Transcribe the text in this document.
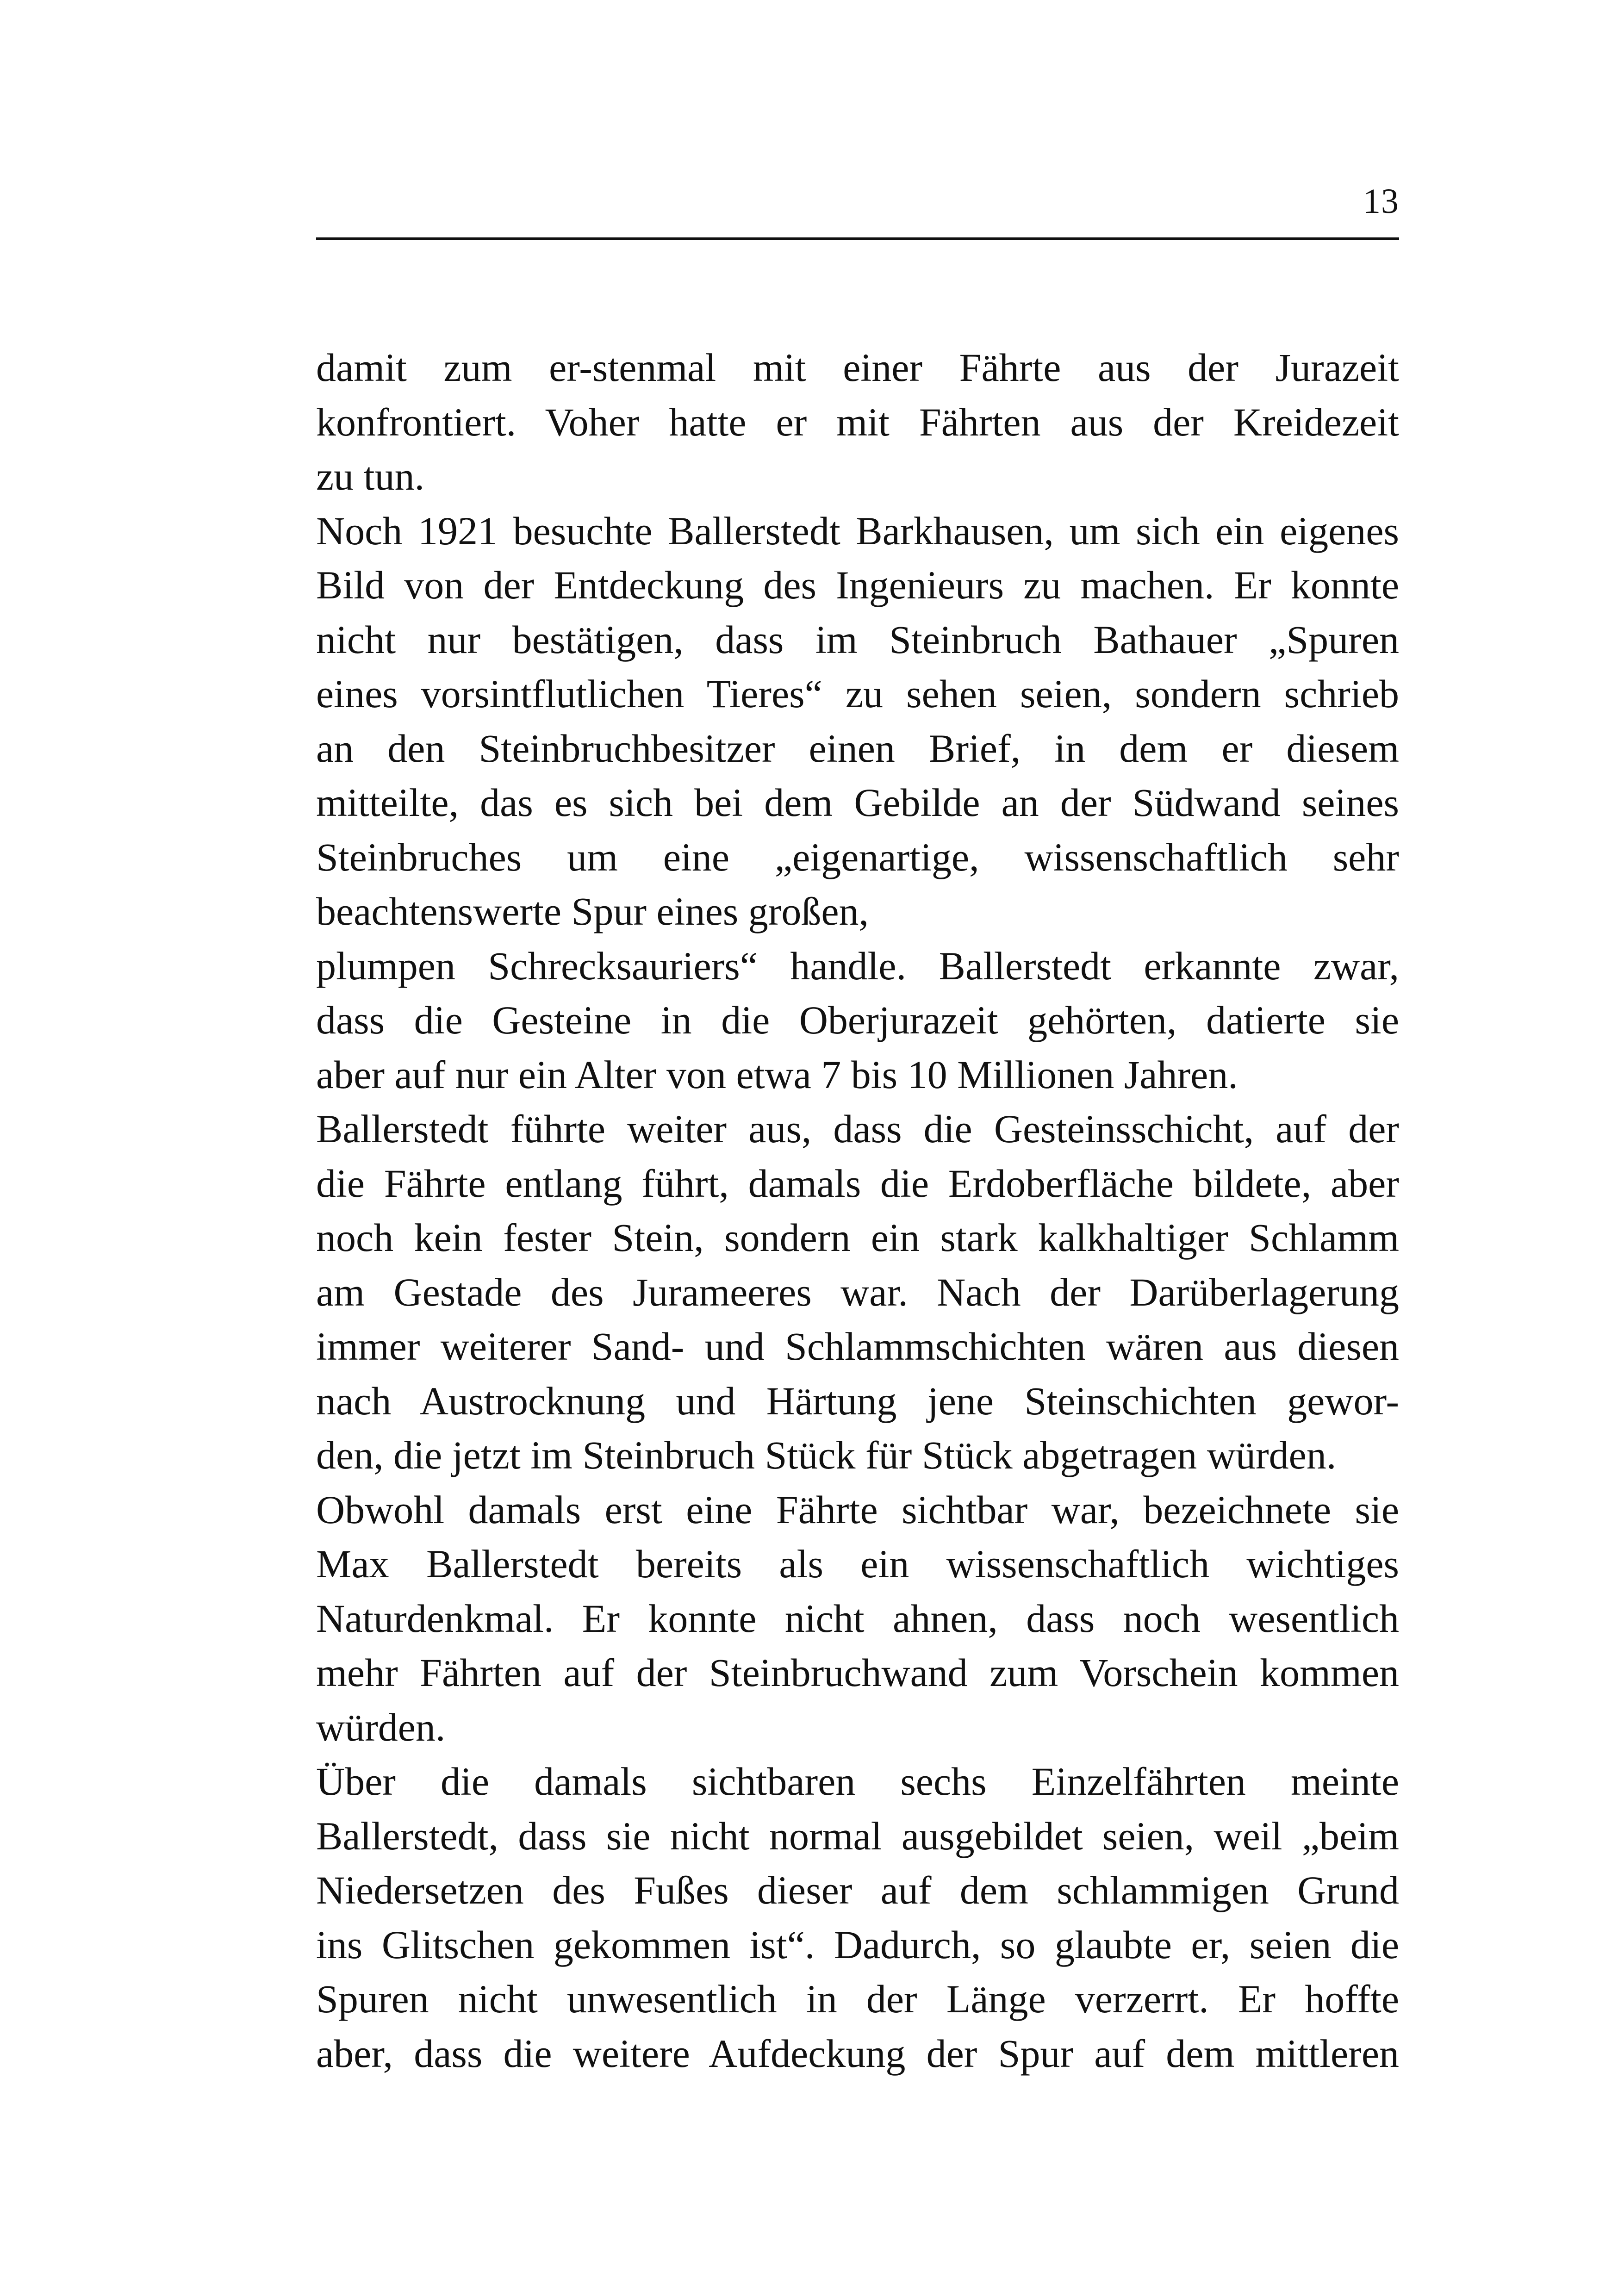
13
damit zum er-stenmal mit einer Fährte aus der Jurazeit
konfrontiert. Voher hatte er mit Fährten aus der Kreidezeit
zu tun.
Noch 1921 besuchte Ballerstedt Barkhausen, um sich ein eigenes
Bild von der Entdeckung des Ingenieurs zu machen. Er konnte
nicht nur bestätigen, dass im Steinbruch Bathauer „Spuren
eines vorsintflutlichen Tieres“ zu sehen seien, sondern schrieb
an den Steinbruchbesitzer einen Brief, in dem er diesem
mitteilte, das es sich bei dem Gebilde an der Südwand seines
Steinbruches um eine „eigenartige, wissenschaftlich sehr
beachtenswerte Spur eines großen,
plumpen Schrecksauriers“ handle. Ballerstedt erkannte zwar,
dass die Gesteine in die Oberjurazeit gehörten, datierte sie
aber auf nur ein Alter von etwa 7 bis 10 Millionen Jahren.
Ballerstedt führte weiter aus, dass die Gesteinsschicht, auf der
die Fährte entlang führt, damals die Erdoberfläche bildete, aber
noch kein fester Stein, sondern ein stark kalkhaltiger Schlamm
am Gestade des Jurameeres war. Nach der Darüberlagerung
immer weiterer Sand- und Schlammschichten wären aus diesen
nach Austrocknung und Härtung jene Steinschichten gewor-
den, die jetzt im Steinbruch Stück für Stück abgetragen würden.
Obwohl damals erst eine Fährte sichtbar war, bezeichnete sie
Max Ballerstedt bereits als ein wissenschaftlich wichtiges
Naturdenkmal. Er konnte nicht ahnen, dass noch wesentlich
mehr Fährten auf der Steinbruchwand zum Vorschein kommen
würden.
Über die damals sichtbaren sechs Einzelfährten meinte
Ballerstedt, dass sie nicht normal ausgebildet seien, weil „beim
Niedersetzen des Fußes dieser auf dem schlammigen Grund
ins Glitschen gekommen ist“. Dadurch, so glaubte er, seien die
Spuren nicht unwesentlich in der Länge verzerrt. Er hoffte
aber, dass die weitere Aufdeckung der Spur auf dem mittleren
